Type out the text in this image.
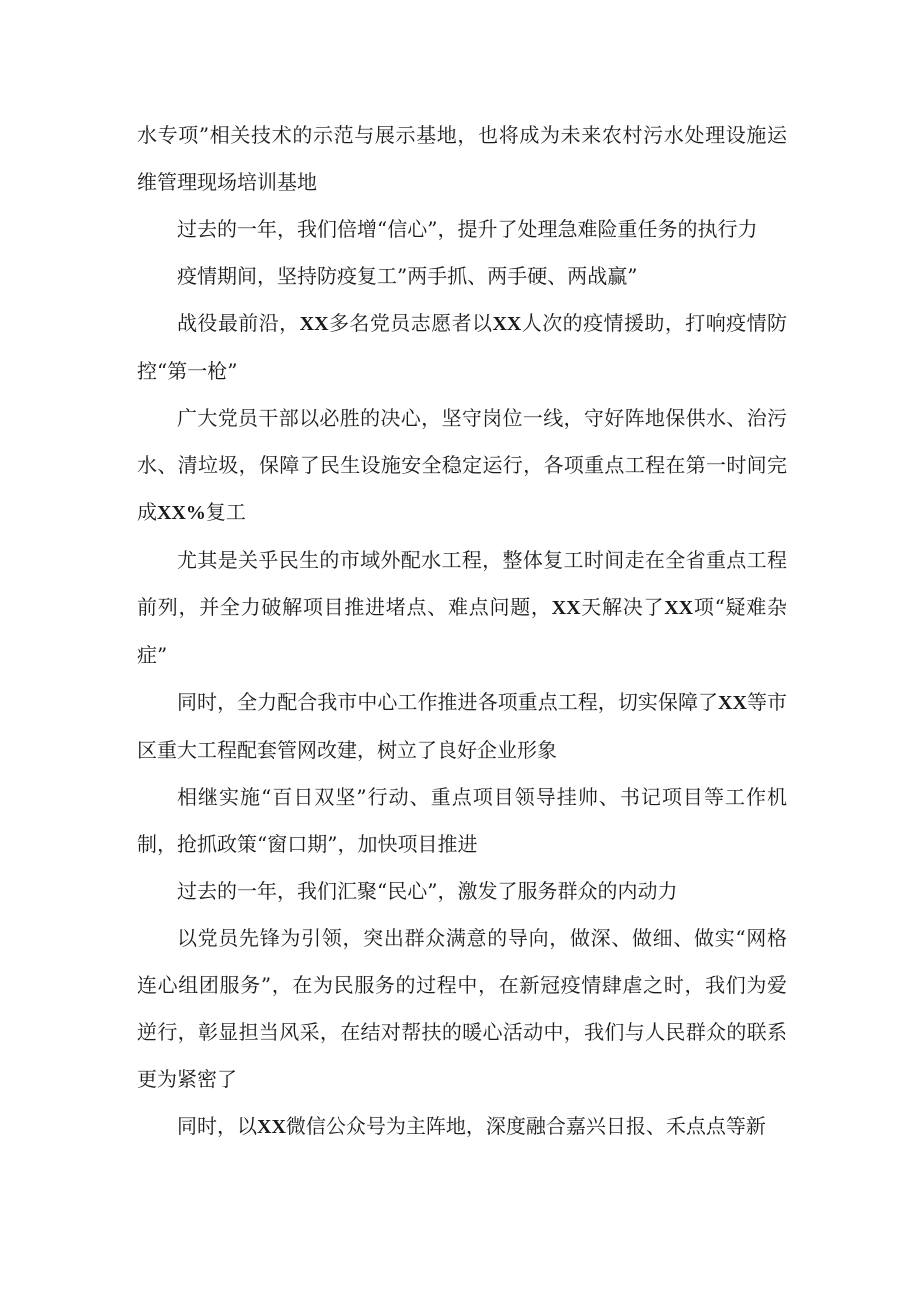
水专项”相关技术的示范与展示基地，也将成为未来农村污水处理设施运维管理现场培训基地

过去的一年，我们倍增“信心”，提升了处理急难险重任务的执行力

疫情期间，坚持防疫复工”两手抓、两手硬、两战赢”

战役最前沿，XX多名党员志愿者以XX人次的疫情援助，打响疫情防控“第一枪”

广大党员干部以必胜的决心，坚守岗位一线，守好阵地保供水、治污水、清垃圾，保障了民生设施安全稳定运行，各项重点工程在第一时间完成XX%复工

尤其是关乎民生的市域外配水工程，整体复工时间走在全省重点工程前列，并全力破解项目推进堵点、难点问题，XX天解决了XX项“疑难杂症”

同时，全力配合我市中心工作推进各项重点工程，切实保障了XX等市区重大工程配套管网改建，树立了良好企业形象

相继实施“百日双坚”行动、重点项目领导挂帅、书记项目等工作机制，抢抓政策“窗口期”，加快项目推进

过去的一年，我们汇聚“民心”，激发了服务群众的内动力

以党员先锋为引领，突出群众满意的导向，做深、做细、做实“网格连心组团服务”，在为民服务的过程中，在新冠疫情肆虐之时，我们为爱逆行，彰显担当风采，在结对帮扶的暖心活动中，我们与人民群众的联系更为紧密了

同时，以XX微信公众号为主阵地，深度融合嘉兴日报、禾点点等新
